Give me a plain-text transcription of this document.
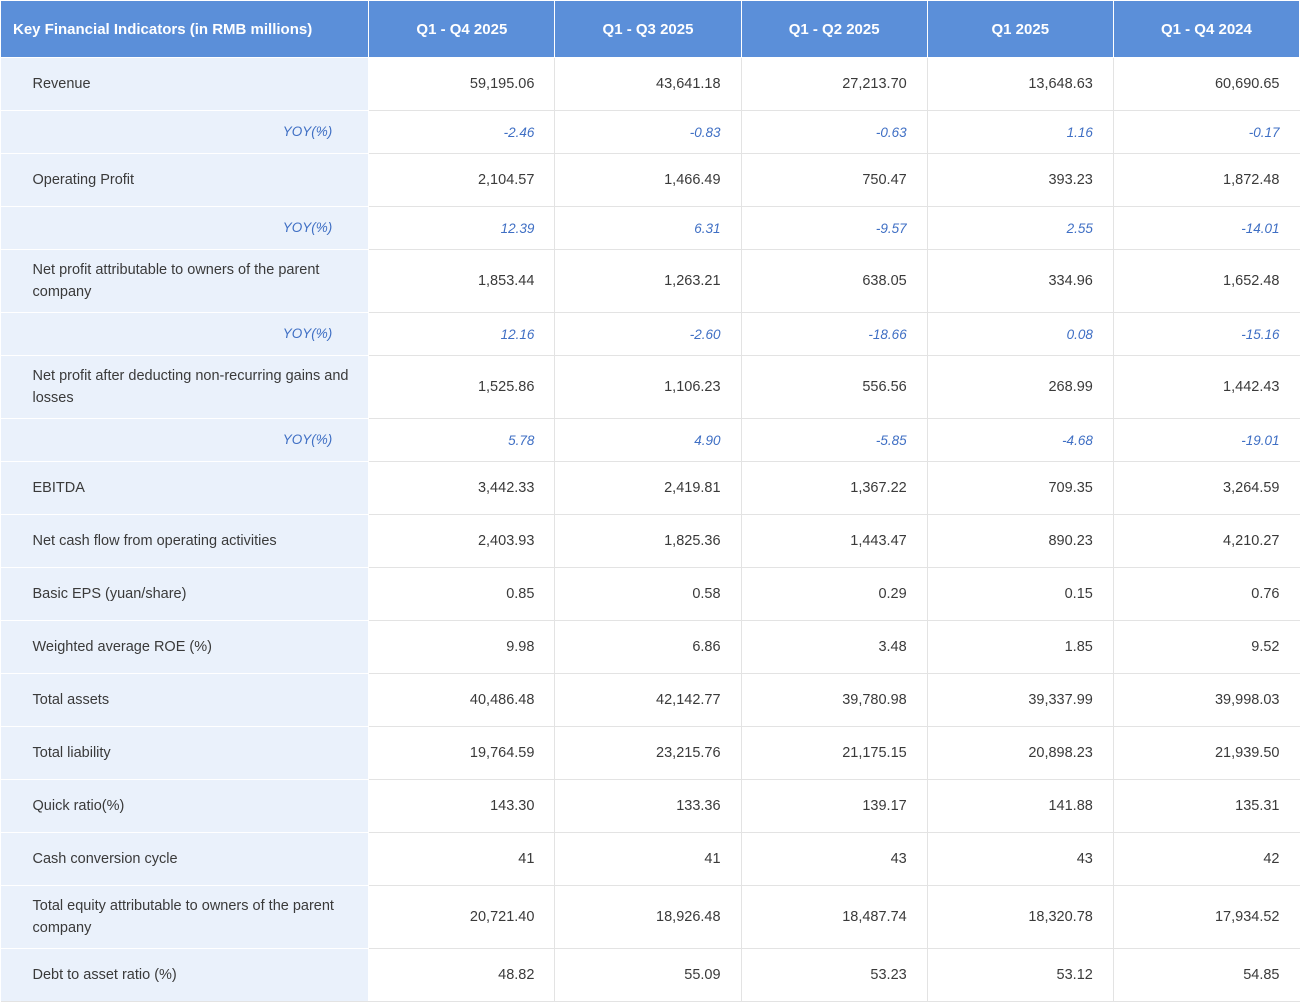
Key Financial Indicators (in RMB millions)	Q1 - Q4 2025	Q1 - Q3 2025	Q1 - Q2 2025	Q1 2025	Q1 - Q4 2024
Revenue	59,195.06	43,641.18	27,213.70	13,648.63	60,690.65
YOY(%)	-2.46	-0.83	-0.63	1.16	-0.17
Operating Profit	2,104.57	1,466.49	750.47	393.23	1,872.48
YOY(%)	12.39	6.31	-9.57	2.55	-14.01
Net profit attributable to owners of the parent company	1,853.44	1,263.21	638.05	334.96	1,652.48
YOY(%)	12.16	-2.60	-18.66	0.08	-15.16
Net profit after deducting non-recurring gains and losses	1,525.86	1,106.23	556.56	268.99	1,442.43
YOY(%)	5.78	4.90	-5.85	-4.68	-19.01
EBITDA	3,442.33	2,419.81	1,367.22	709.35	3,264.59
Net cash flow from operating activities	2,403.93	1,825.36	1,443.47	890.23	4,210.27
Basic EPS (yuan/share)	0.85	0.58	0.29	0.15	0.76
Weighted average ROE (%)	9.98	6.86	3.48	1.85	9.52
Total assets	40,486.48	42,142.77	39,780.98	39,337.99	39,998.03
Total liability	19,764.59	23,215.76	21,175.15	20,898.23	21,939.50
Quick ratio(%)	143.30	133.36	139.17	141.88	135.31
Cash conversion cycle	41	41	43	43	42
Total equity attributable to owners of the parent company	20,721.40	18,926.48	18,487.74	18,320.78	17,934.52
Debt to asset ratio (%)	48.82	55.09	53.23	53.12	54.85
